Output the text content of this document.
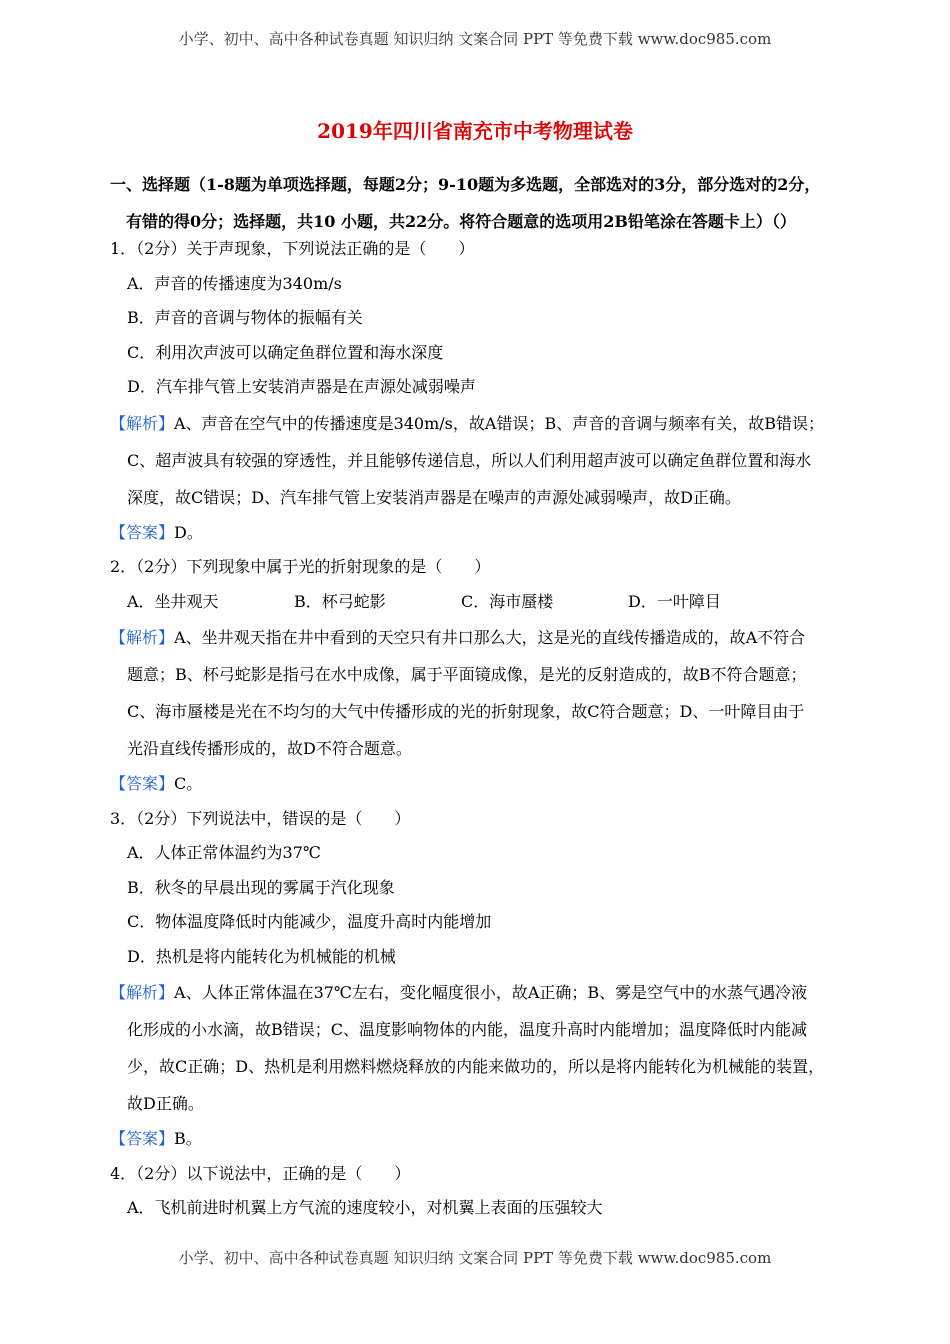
小学、初中、高中各种试卷真题 知识归纳 文案合同 PPT 等免费下载 www.doc985.com
2019年四川省南充市中考物理试卷
一、选择题（1-8题为单项选择题，每题2分；9-10题为多选题，全部选对的3分，部分选对的2分，
有错的得0分；选择题，共10 小题，共22分。将符合题意的选项用2B铅笔涂在答题卡上）（）
1．（2分）关于声现象，下列说法正确的是（　　）
A．声音的传播速度为340m/s
B．声音的音调与物体的振幅有关
C．利用次声波可以确定鱼群位置和海水深度
D．汽车排气管上安装消声器是在声源处减弱噪声
【解析】A、声音在空气中的传播速度是340m/s，故A错误；B、声音的音调与频率有关，故B错误；
C、超声波具有较强的穿透性，并且能够传递信息，所以人们利用超声波可以确定鱼群位置和海水
深度，故C错误；D、汽车排气管上安装消声器是在噪声的声源处减弱噪声，故D正确。
【答案】D。
2．（2分）下列现象中属于光的折射现象的是（　　）
A．坐井观天	B．杯弓蛇影	C．海市蜃楼	D．一叶障目
【解析】A、坐井观天指在井中看到的天空只有井口那么大，这是光的直线传播造成的，故A不符合
题意；B、杯弓蛇影是指弓在水中成像，属于平面镜成像，是光的反射造成的，故B不符合题意；
C、海市蜃楼是光在不均匀的大气中传播形成的光的折射现象，故C符合题意；D、一叶障目由于
光沿直线传播形成的，故D不符合题意。
【答案】C。
3．（2分）下列说法中，错误的是（　　）
A．人体正常体温约为37℃
B．秋冬的早晨出现的雾属于汽化现象
C．物体温度降低时内能减少，温度升高时内能增加
D．热机是将内能转化为机械能的机械
【解析】A、人体正常体温在37℃左右，变化幅度很小，故A正确；B、雾是空气中的水蒸气遇冷液
化形成的小水滴，故B错误；C、温度影响物体的内能，温度升高时内能增加；温度降低时内能减
少，故C正确；D、热机是利用燃料燃烧释放的内能来做功的，所以是将内能转化为机械能的装置，
故D正确。
【答案】B。
4．（2分）以下说法中，正确的是（　　）
A．飞机前进时机翼上方气流的速度较小，对机翼上表面的压强较大
小学、初中、高中各种试卷真题 知识归纳 文案合同 PPT 等免费下载 www.doc985.com
